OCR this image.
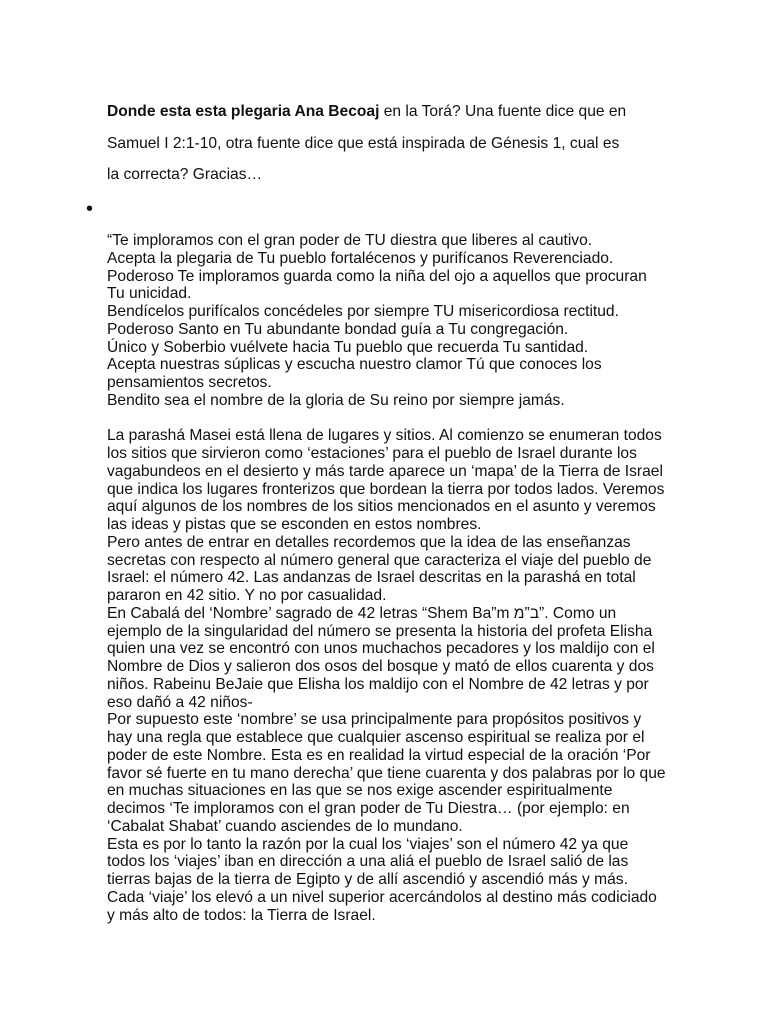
Donde esta esta plegaria Ana Becoaj en la Torá? Una fuente dice que en Samuel I 2:1-10, otra fuente dice que está inspirada de Génesis 1, cual es la correcta? Gracias…
•

“Te imploramos con el gran poder de TU diestra que liberes al cautivo.

Acepta la plegaria de Tu pueblo fortalécenos y purifícanos Reverenciado.

Poderoso Te imploramos guarda como la niña del ojo a aquellos que procuran Tu unicidad.

Bendícelos purifícalos concédeles por siempre TU misericordiosa rectitud.

Poderoso Santo en Tu abundante bondad guía a Tu congregación.

Único y Soberbio vuélvete hacia Tu pueblo que recuerda Tu santidad.

Acepta nuestras súplicas y escucha nuestro clamor Tú que conoces los pensamientos secretos.

Bendito sea el nombre de la gloria de Su reino por siempre jamás.

La parashá Masei está llena de lugares y sitios. Al comienzo se enumeran todos los sitios que sirvieron como ‘estaciones’ para el pueblo de Israel durante los vagabundeos en el desierto y más tarde aparece un ‘mapa’ de la Tierra de Israel que indica los lugares fronterizos que bordean la tierra por todos lados. Veremos aquí algunos de los nombres de los sitios mencionados en el asunto y veremos las ideas y pistas que se esconden en estos nombres.

Pero antes de entrar en detalles recordemos que la idea de las enseñanzas secretas con respecto al número general que caracteriza el viaje del pueblo de Israel: el número 42. Las andanzas de Israel descritas en la parashá en total pararon en 42 sitio. Y no por casualidad.

En Cabalá del ‘Nombre’ sagrado de 42 letras “Shem Ba”m ב”מ”. Como un ejemplo de la singularidad del número se presenta la historia del profeta Elisha quien una vez se encontró con unos muchachos pecadores y los maldijo con el Nombre de Dios y salieron dos osos del bosque y mató de ellos cuarenta y dos niños. Rabeinu BeJaie que Elisha los maldijo con el Nombre de 42 letras y por eso dañó a 42 niños-

Por supuesto este ‘nombre’ se usa principalmente para propósitos positivos y hay una regla que establece que cualquier ascenso espiritual se realiza por el poder de este Nombre. Esta es en realidad la virtud especial de la oración ‘Por favor sé fuerte en tu mano derecha’ que tiene cuarenta y dos palabras por lo que en muchas situaciones en las que se nos exige ascender espiritualmente decimos ‘Te imploramos con el gran poder de Tu Diestra… (por ejemplo: en ‘Cabalat Shabat’ cuando asciendes de lo mundano.

Esta es por lo tanto la razón por la cual los ‘viajes’ son el número 42 ya que todos los ‘viajes’ iban en dirección a una aliá el pueblo de Israel salió de las tierras bajas de la tierra de Egipto y de allí ascendió y ascendió más y más. Cada ‘viaje’ los elevó a un nivel superior acercándolos al destino más codiciado y más alto de todos: la Tierra de Israel.
